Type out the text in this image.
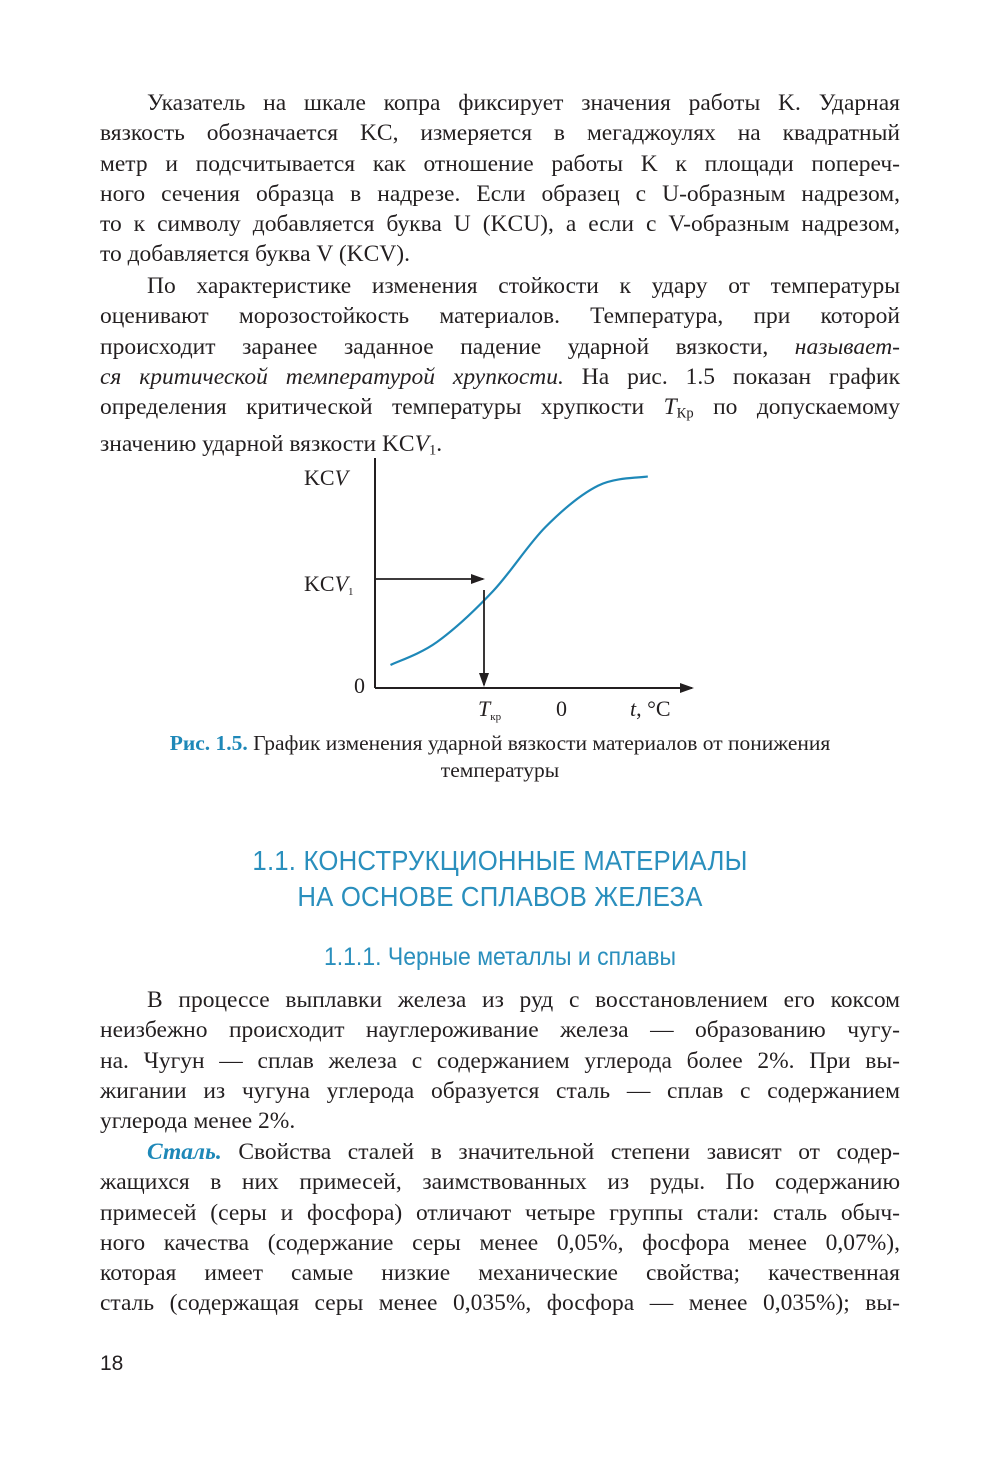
Указатель на шкале копра фиксирует значения работы K. Ударная
вязкость обозначается KC, измеряется в мегаджоулях на квадратный
метр и подсчитывается как отношение работы K к площади попереч-
ного сечения образца в надрезе. Если образец с U-образным надрезом,
то к символу добавляется буква U (KCU), а если с V-образным надрезом,
то добавляется буква V (KCV).
По характеристике изменения стойкости к удару от температуры
оценивают морозостойкость материалов. Температура, при которой
происходит заранее заданное падение ударной вязкости, называет-
ся критической температурой хрупкости. На рис. 1.5 показан график
определения критической температуры хрупкости $T_{Кр}$ по допускаемому
значению ударной вязкости $KCV_1$.
KCV
KCV1
0
Tкр 0	t, °C
Рис. 1.5. График изменения ударной вязкости материалов от понижения
температуры
1.1. КОНСТРУКЦИОННЫЕ МАТЕРИАЛЫ
НА ОСНОВЕ СПЛАВОВ ЖЕЛЕЗА
1.1.1. Черные металлы и сплавы
В процессе выплавки железа из руд с восстановлением его коксом
неизбежно происходит науглероживание железа — образованию чугу-
на. Чугун — сплав железа с содержанием углерода более 2%. При вы-
жигании из чугуна углерода образуется сталь — сплав с содержанием
углерода менее 2%.
Сталь. Свойства сталей в значительной степени зависят от содер-
жащихся в них примесей, заимствованных из руды. По содержанию
примесей (серы и фосфора) отличают четыре группы стали: сталь обыч-
ного качества (содержание серы менее 0,05%, фосфора менее 0,07%),
которая имеет самые низкие механические свойства; качественная
сталь (содержащая серы менее 0,035%, фосфора — менее 0,035%); вы-
18
